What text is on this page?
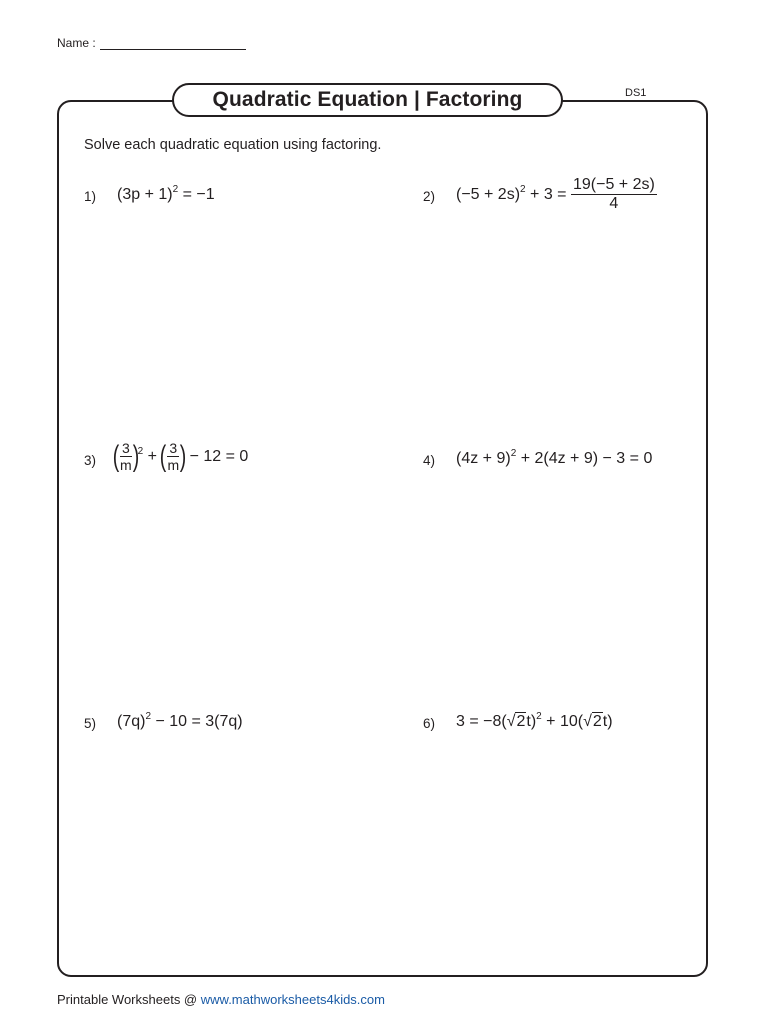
Name :
Quadratic Equation | Factoring	DS1
Solve each quadratic equation using factoring.
1) $(3p + 1)^2 = -1$	2) $(-5 + 2s)^2 + 3 = \frac{19(-5 + 2s)}{4}$
3) (
$\frac{3}{m}$
)$^2$ + (
$\frac{3}{m}$
) − 12 = 0	4) $(4z + 9)^2 + 2(4z + 9) - 3 = 0$
5) $(7q)^2 - 10 = 3(7q)$	6) $3 = -8(√2t)^2 + 10(√2t)$
Printable Worksheets @ www.mathworksheets4kids.com
